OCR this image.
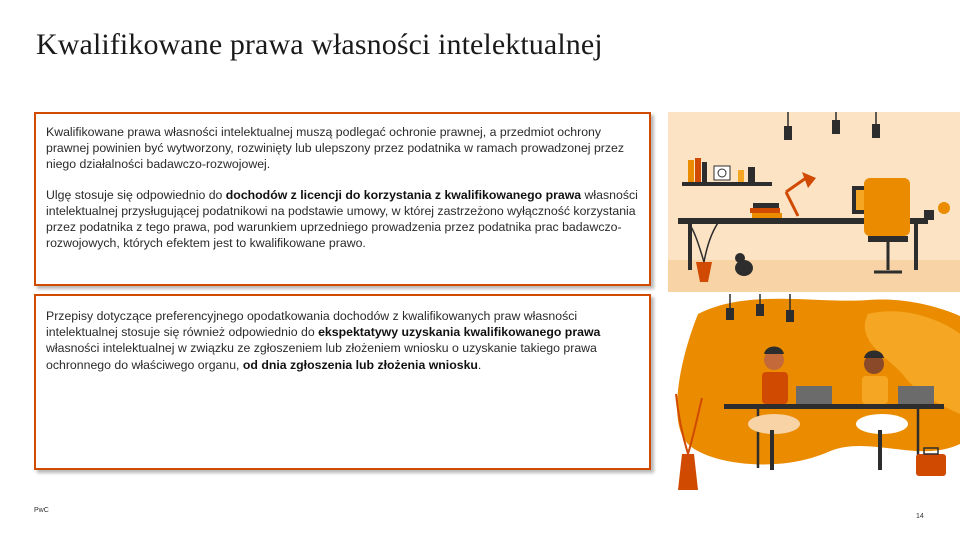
Kwalifikowane prawa własności intelektualnej

Kwalifikowane prawa własności intelektualnej muszą podlegać ochronie prawnej, a przedmiot ochrony prawnej powinien być wytworzony, rozwinięty lub ulepszony przez podatnika w ramach prowadzonej przez niego działalności badawczo-rozwojowej.

Ulgę stosuje się odpowiednio do dochodów z licencji do korzystania z kwalifikowanego prawa własności intelektualnej przysługującej podatnikowi na podstawie umowy, w której zastrzeżono wyłączność korzystania przez podatnika z tego prawa, pod warunkiem uprzedniego prowadzenia przez podatnika prac badawczo-rozwojowych, których efektem jest to kwalifikowane prawo.

Przepisy dotyczące preferencyjnego opodatkowania dochodów z kwalifikowanych praw własności intelektualnej stosuje się również odpowiednio do ekspektatywy uzyskania kwalifikowanego prawa własności intelektualnej w związku ze zgłoszeniem lub złożeniem wniosku o uzyskanie takiego prawa ochronnego do właściwego organu, od dnia zgłoszenia lub złożenia wniosku.

PwC
14
